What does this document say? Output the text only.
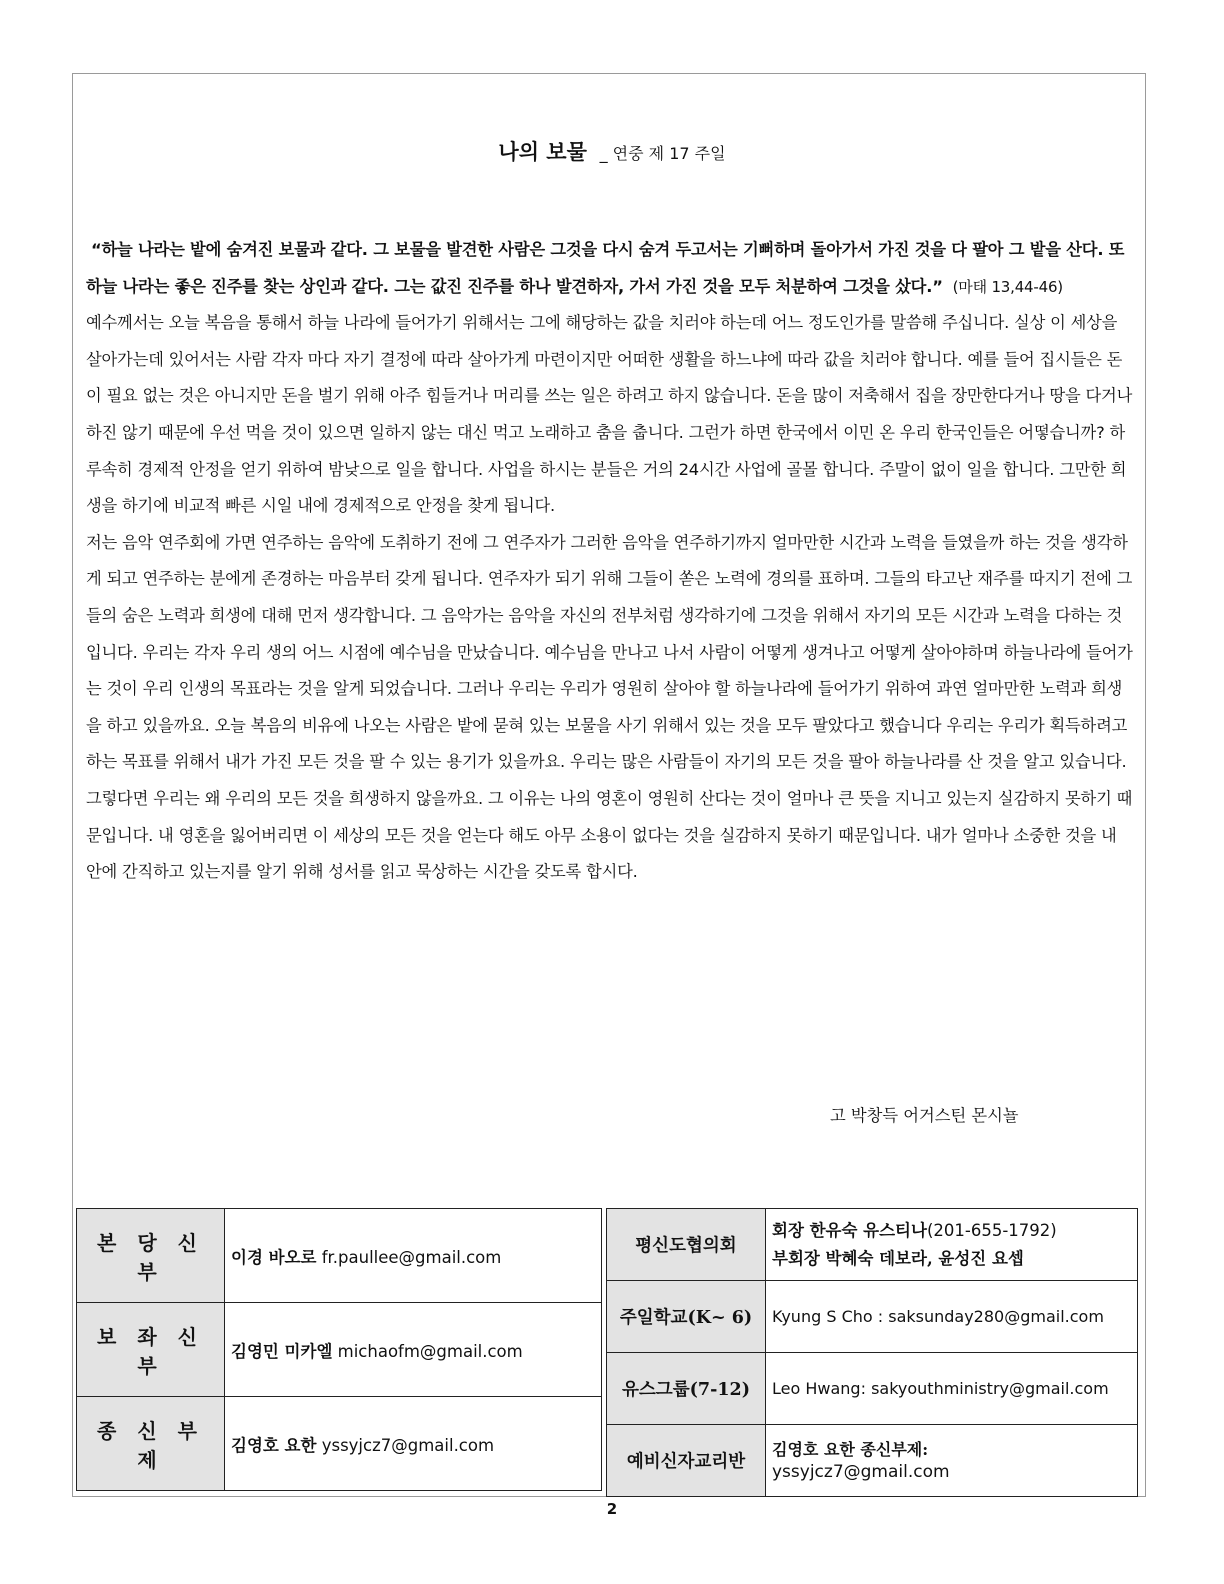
나의 보물 _ 연중 제 17 주일

“하늘 나라는 밭에 숨겨진 보물과 같다. 그 보물을 발견한 사람은 그것을 다시 숨겨 두고서는 기뻐하며 돌아가서 가진 것을 다 팔아 그 밭을 산다. 또 하늘 나라는 좋은 진주를 찾는 상인과 같다. 그는 값진 진주를 하나 발견하자, 가서 가진 것을 모두 처분하여 그것을 샀다.” (마태 13,44-46)

예수께서는 오늘 복음을 통해서 하늘 나라에 들어가기 위해서는 그에 해당하는 값을 치러야 하는데 어느 정도인가를 말씀해 주십니다. 실상 이 세상을 살아가는데 있어서는 사람 각자 마다 자기 결정에 따라 살아가게 마련이지만 어떠한 생활을 하느냐에 따라 값을 치러야 합니다. 예를 들어 집시들은 돈이 필요 없는 것은 아니지만 돈을 벌기 위해 아주 힘들거나 머리를 쓰는 일은 하려고 하지 않습니다. 돈을 많이 저축해서 집을 장만한다거나 땅을 다거나 하진 않기 때문에 우선 먹을 것이 있으면 일하지 않는 대신 먹고 노래하고 춤을 춥니다. 그런가 하면 한국에서 이민 온 우리 한국인들은 어떻습니까? 하루속히 경제적 안정을 얻기 위하여 밤낮으로 일을 합니다. 사업을 하시는 분들은 거의 24시간 사업에 골몰 합니다. 주말이 없이 일을 합니다. 그만한 희생을 하기에 비교적 빠른 시일 내에 경제적으로 안정을 찾게 됩니다.

저는 음악 연주회에 가면 연주하는 음악에 도취하기 전에 그 연주자가 그러한 음악을 연주하기까지 얼마만한 시간과 노력을 들였을까 하는 것을 생각하게 되고 연주하는 분에게 존경하는 마음부터 갖게 됩니다. 연주자가 되기 위해 그들이 쏟은 노력에 경의를 표하며. 그들의 타고난 재주를 따지기 전에 그들의 숨은 노력과 희생에 대해 먼저 생각합니다. 그 음악가는 음악을 자신의 전부처럼 생각하기에 그것을 위해서 자기의 모든 시간과 노력을 다하는 것입니다. 우리는 각자 우리 생의 어느 시점에 예수님을 만났습니다. 예수님을 만나고 나서 사람이 어떻게 생겨나고 어떻게 살아야하며 하늘나라에 들어가는 것이 우리 인생의 목표라는 것을 알게 되었습니다. 그러나 우리는 우리가 영원히 살아야 할 하늘나라에 들어가기 위하여 과연 얼마만한 노력과 희생을 하고 있을까요. 오늘 복음의 비유에 나오는 사람은 밭에 묻혀 있는 보물을 사기 위해서 있는 것을 모두 팔았다고 했습니다 우리는 우리가 획득하려고 하는 목표를 위해서 내가 가진 모든 것을 팔 수 있는 용기가 있을까요. 우리는 많은 사람들이 자기의 모든 것을 팔아 하늘나라를 산 것을 알고 있습니다. 그렇다면 우리는 왜 우리의 모든 것을 희생하지 않을까요. 그 이유는 나의 영혼이 영원히 산다는 것이 얼마나 큰 뜻을 지니고 있는지 실감하지 못하기 때문입니다. 내 영혼을 잃어버리면 이 세상의 모든 것을 얻는다 해도 아무 소용이 없다는 것을 실감하지 못하기 때문입니다. 내가 얼마나 소중한 것을 내 안에 간직하고 있는지를 알기 위해 성서를 읽고 묵상하는 시간을 갖도록 합시다.

고 박창득 어거스틴 몬시뇰
본 당 신 부	이경 바오로 fr.paullee@gmail.com
보 좌 신 부	김영민 미카엘 michaofm@gmail.com
종 신 부 제	김영호 요한 yssyjcz7@gmail.com
평신도협의회	회장 한유숙 유스티나(201-655-1792)
부회장 박혜숙 데보라, 윤성진 요셉

주일학교(K~ 6)	Kyung S Cho : saksunday280@gmail.com
유스그룹(7-12)	Leo Hwang: sakyouthministry@gmail.com
예비신자교리반	김영호 요한 종신부제:
yssyjcz7@gmail.com
2
